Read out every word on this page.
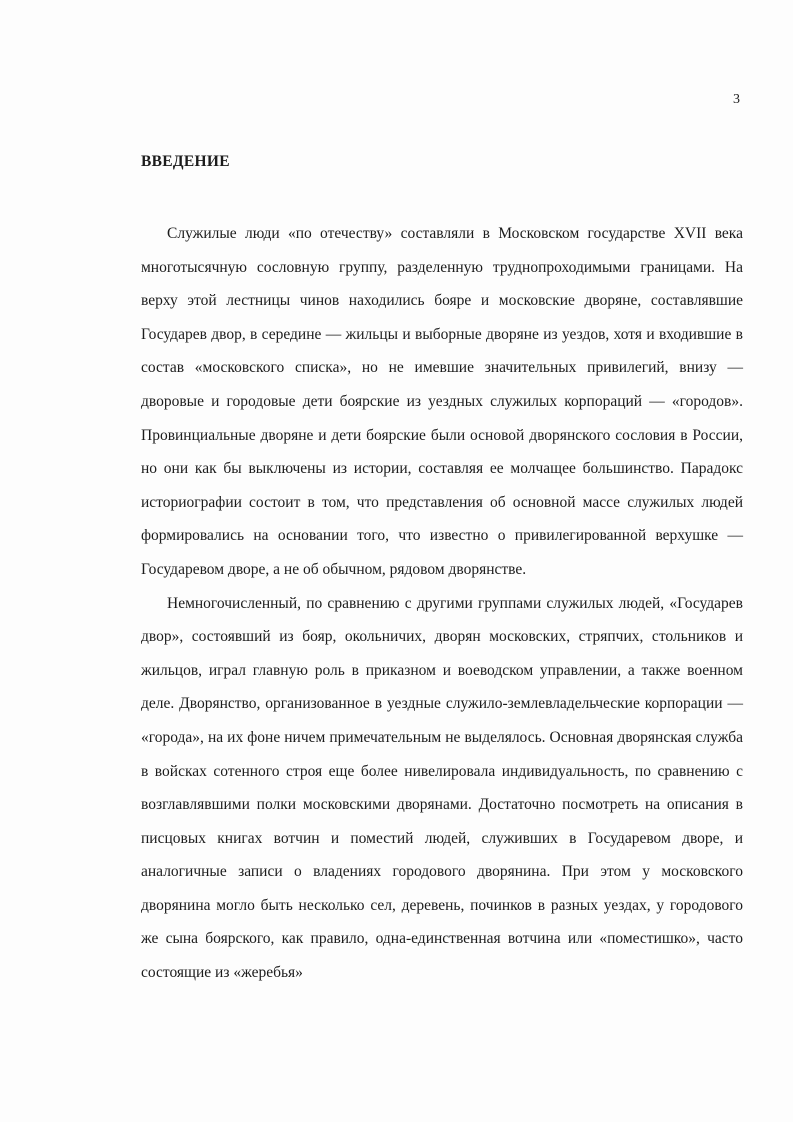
3

ВВЕДЕНИЕ

Служилые люди «по отечеству» составляли в Московском государстве XVII века многотысячную сословную группу, разделенную труднопроходимыми границами. На верху этой лестницы чинов находились бояре и московские дворяне, составлявшие Государев двор, в середине — жильцы и выборные дворяне из уездов, хотя и входившие в состав «московского списка», но не имевшие значительных привилегий, внизу — дворовые и городовые дети боярские из уездных служилых корпораций — «городов». Провинциальные дворяне и дети боярские были основой дворянского сословия в России, но они как бы выключены из истории, составляя ее молчащее большинство. Парадокс историографии состоит в том, что представления об основной массе служилых людей формировались на основании того, что известно о привилегированной верхушке — Государевом дворе, а не об обычном, рядовом дворянстве.

Немногочисленный, по сравнению с другими группами служилых людей, «Государев двор», состоявший из бояр, окольничих, дворян московских, стряпчих, стольников и жильцов, играл главную роль в приказном и воеводском управлении, а также военном деле. Дворянство, организованное в уездные служило-землевладельческие корпорации — «города», на их фоне ничем примечательным не выделялось. Основная дворянская служба в войсках сотенного строя еще более нивелировала индивидуальность, по сравнению с возглавлявшими полки московскими дворянами. Достаточно посмотреть на описания в писцовых книгах вотчин и поместий людей, служивших в Государевом дворе, и аналогичные записи о владениях городового дворянина. При этом у московского дворянина могло быть несколько сел, деревень, починков в разных уездах, у городового же сына боярского, как правило, одна-единственная вотчина или «поместишко», часто состоящие из «жеребья»
